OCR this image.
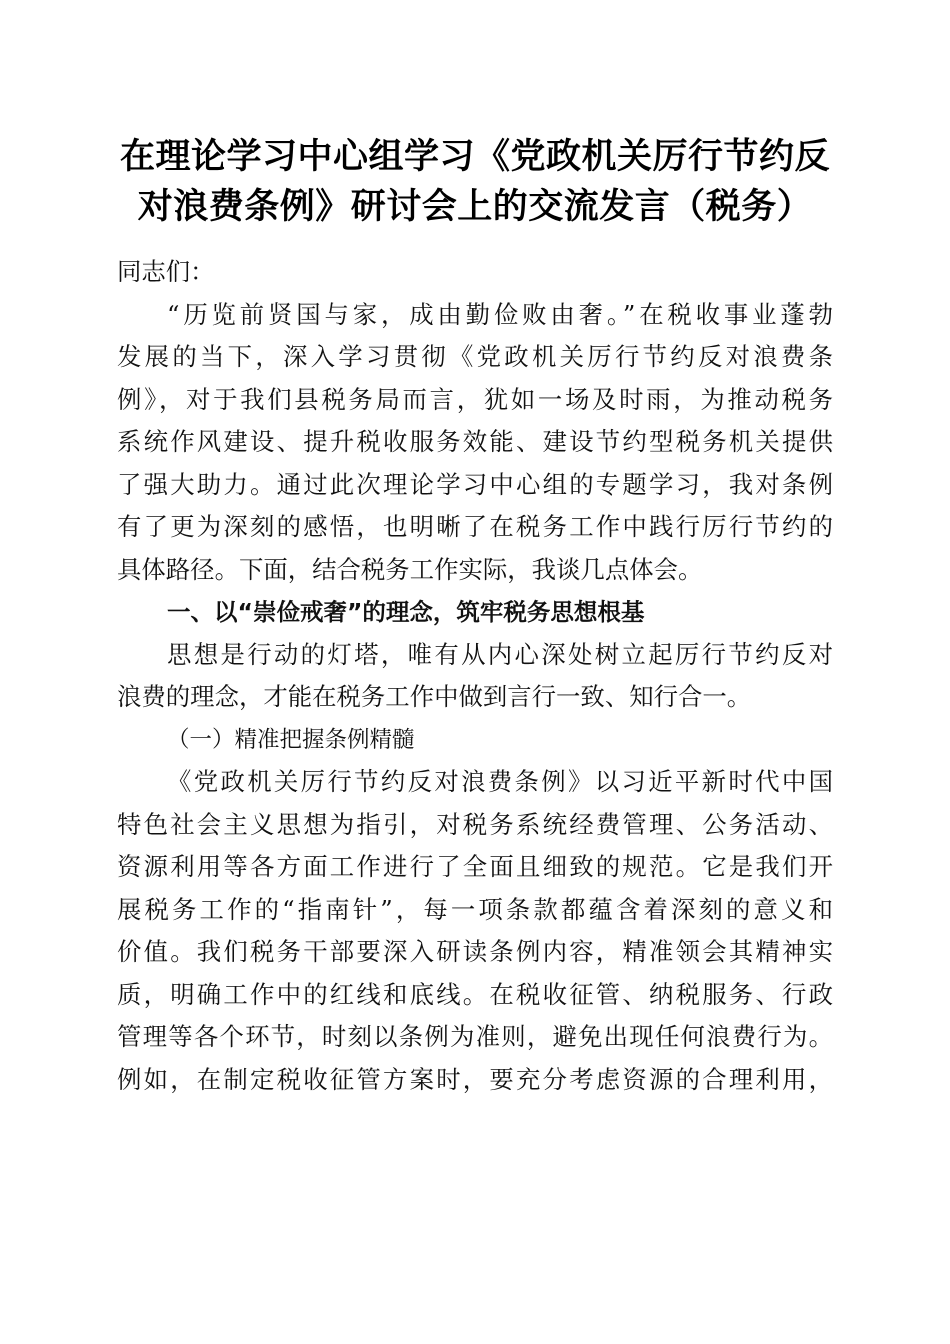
在理论学习中心组学习《党政机关厉行节约反
对浪费条例》研讨会上的交流发言（税务）
同志们：
“历览前贤国与家，成由勤俭败由奢。”在税收事业蓬勃
发展的当下，深入学习贯彻《党政机关厉行节约反对浪费条
例》，对于我们县税务局而言，犹如一场及时雨，为推动税务
系统作风建设、提升税收服务效能、建设节约型税务机关提供
了强大助力。通过此次理论学习中心组的专题学习，我对条例
有了更为深刻的感悟，也明晰了在税务工作中践行厉行节约的
具体路径。下面，结合税务工作实际，我谈几点体会。
一、以“崇俭戒奢”的理念，筑牢税务思想根基
思想是行动的灯塔，唯有从内心深处树立起厉行节约反对
浪费的理念，才能在税务工作中做到言行一致、知行合一。
（一）精准把握条例精髓
《党政机关厉行节约反对浪费条例》以习近平新时代中国
特色社会主义思想为指引，对税务系统经费管理、公务活动、
资源利用等各方面工作进行了全面且细致的规范。它是我们开
展税务工作的“指南针”，每一项条款都蕴含着深刻的意义和
价值。我们税务干部要深入研读条例内容，精准领会其精神实
质，明确工作中的红线和底线。在税收征管、纳税服务、行政
管理等各个环节，时刻以条例为准则，避免出现任何浪费行为。
例如，在制定税收征管方案时，要充分考虑资源的合理利用，
